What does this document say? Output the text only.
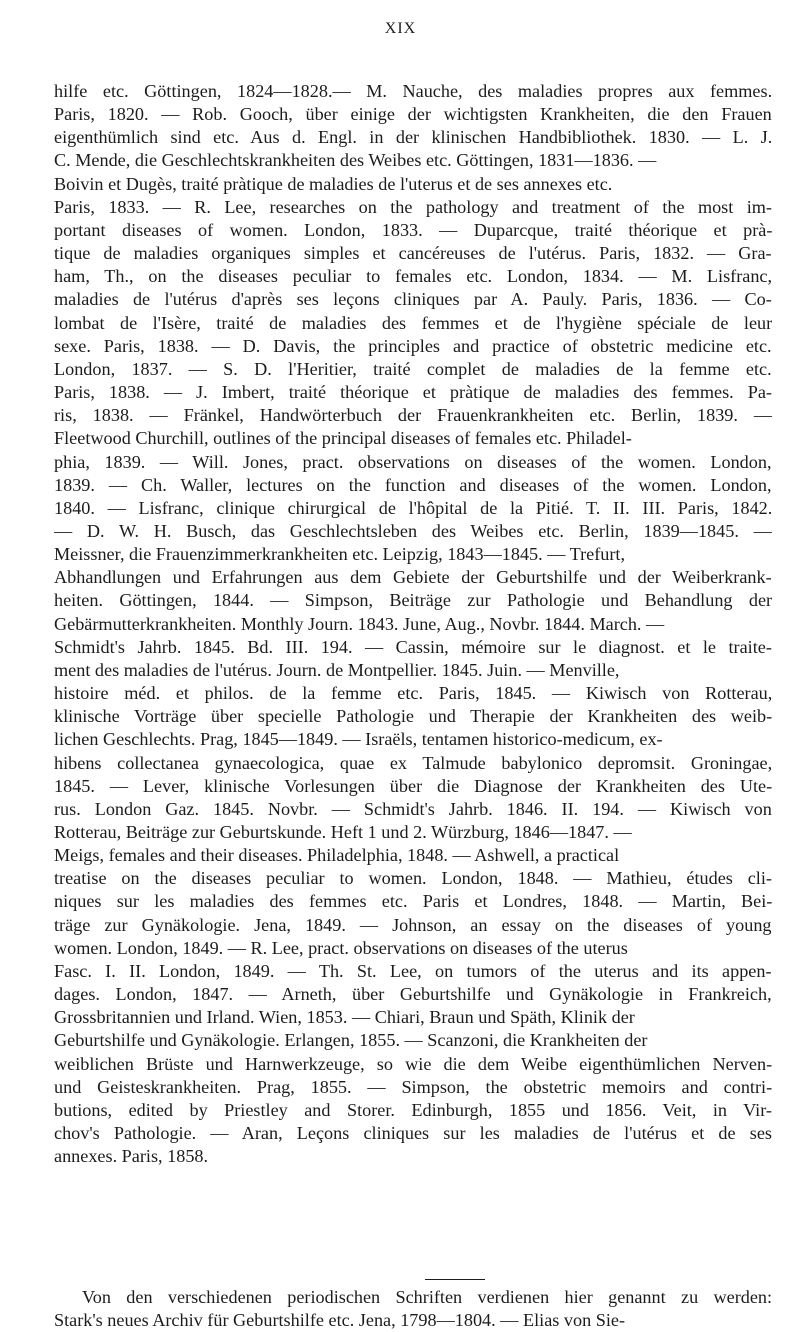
XIX
hilfe etc. Göttingen, 1824—1828.— M. Nauche, des maladies propres aux femmes.
Paris, 1820. — Rob. Gooch, über einige der wichtigsten Krankheiten, die den Frauen
eigenthümlich sind etc. Aus d. Engl. in der klinischen Handbibliothek. 1830. — L. J.
C. Mende, die Geschlechtskrankheiten des Weibes etc. Göttingen, 1831—1836. —
Boivin et Dugès, traité pràtique de maladies de l'uterus et de ses annexes etc.
Paris, 1833. — R. Lee, researches on the pathology and treatment of the most im-
portant diseases of women. London, 1833. — Duparcque, traité théorique et prà-
tique de maladies organiques simples et cancéreuses de l'utérus. Paris, 1832. — Gra-
ham, Th., on the diseases peculiar to females etc. London, 1834. — M. Lisfranc,
maladies de l'utérus d'après ses leçons cliniques par A. Pauly. Paris, 1836. — Co-
lombat de l'Isère, traité de maladies des femmes et de l'hygiène spéciale de leur
sexe. Paris, 1838. — D. Davis, the principles and practice of obstetric medicine etc.
London, 1837. — S. D. l'Heritier, traité complet de maladies de la femme etc.
Paris, 1838. — J. Imbert, traité théorique et pràtique de maladies des femmes. Pa-
ris, 1838. — Fränkel, Handwörterbuch der Frauenkrankheiten etc. Berlin, 1839. —
Fleetwood Churchill, outlines of the principal diseases of females etc. Philadel-
phia, 1839. — Will. Jones, pract. observations on diseases of the women. London,
1839. — Ch. Waller, lectures on the function and diseases of the women. London,
1840. — Lisfranc, clinique chirurgical de l'hôpital de la Pitié. T. II. III. Paris, 1842.
— D. W. H. Busch, das Geschlechtsleben des Weibes etc. Berlin, 1839—1845. —
Meissner, die Frauenzimmerkrankheiten etc. Leipzig, 1843—1845. — Trefurt,
Abhandlungen und Erfahrungen aus dem Gebiete der Geburtshilfe und der Weiberkrank-
heiten. Göttingen, 1844. — Simpson, Beiträge zur Pathologie und Behandlung der
Gebärmutterkrankheiten. Monthly Journ. 1843. June, Aug., Novbr. 1844. March. —
Schmidt's Jahrb. 1845. Bd. III. 194. — Cassin, mémoire sur le diagnost. et le traite-
ment des maladies de l'utérus. Journ. de Montpellier. 1845. Juin. — Menville,
histoire méd. et philos. de la femme etc. Paris, 1845. — Kiwisch von Rotterau,
klinische Vorträge über specielle Pathologie und Therapie der Krankheiten des weib-
lichen Geschlechts. Prag, 1845—1849. — Israëls, tentamen historico-medicum, ex-
hibens collectanea gynaecologica, quae ex Talmude babylonico depromsit. Groningae,
1845. — Lever, klinische Vorlesungen über die Diagnose der Krankheiten des Ute-
rus. London Gaz. 1845. Novbr. — Schmidt's Jahrb. 1846. II. 194. — Kiwisch von
Rotterau, Beiträge zur Geburtskunde. Heft 1 und 2. Würzburg, 1846—1847. —
Meigs, females and their diseases. Philadelphia, 1848. — Ashwell, a practical
treatise on the diseases peculiar to women. London, 1848. — Mathieu, études cli-
niques sur les maladies des femmes etc. Paris et Londres, 1848. — Martin, Bei-
träge zur Gynäkologie. Jena, 1849. — Johnson, an essay on the diseases of young
women. London, 1849. — R. Lee, pract. observations on diseases of the uterus
Fasc. I. II. London, 1849. — Th. St. Lee, on tumors of the uterus and its appen-
dages. London, 1847. — Arneth, über Geburtshilfe und Gynäkologie in Frankreich,
Grossbritannien und Irland. Wien, 1853. — Chiari, Braun und Späth, Klinik der
Geburtshilfe und Gynäkologie. Erlangen, 1855. — Scanzoni, die Krankheiten der
weiblichen Brüste und Harnwerkzeuge, so wie die dem Weibe eigenthümlichen Nerven-
und Geisteskrankheiten. Prag, 1855. — Simpson, the obstetric memoirs and contri-
butions, edited by Priestley and Storer. Edinburgh, 1855 und 1856. Veit, in Vir-
chov's Pathologie. — Aran, Leçons cliniques sur les maladies de l'utérus et de ses
annexes. Paris, 1858.
Von den verschiedenen periodischen Schriften verdienen hier genannt zu werden:
Stark's neues Archiv für Geburtshilfe etc. Jena, 1798—1804. — Elias von Sie-
